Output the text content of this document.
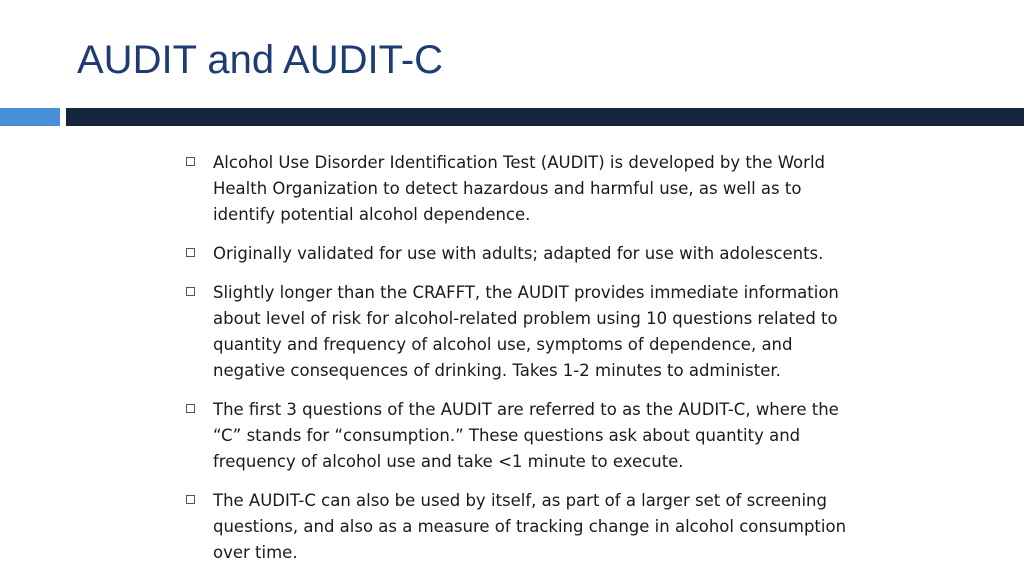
AUDIT and AUDIT-C
Alcohol Use Disorder Identification Test (AUDIT) is developed by the World Health Organization to detect hazardous and harmful use, as well as to identify potential alcohol dependence.
Originally validated for use with adults; adapted for use with adolescents.
Slightly longer than the CRAFFT, the AUDIT provides immediate information about level of risk for alcohol-related problem using 10 questions related to quantity and frequency of alcohol use, symptoms of dependence, and negative consequences of drinking. Takes 1-2 minutes to administer.
The first 3 questions of the AUDIT are referred to as the AUDIT-C, where the “C” stands for “consumption.” These questions ask about quantity and frequency of alcohol use and take <1 minute to execute.
The AUDIT-C can also be used by itself, as part of a larger set of screening questions, and also as a measure of tracking change in alcohol consumption over time.
